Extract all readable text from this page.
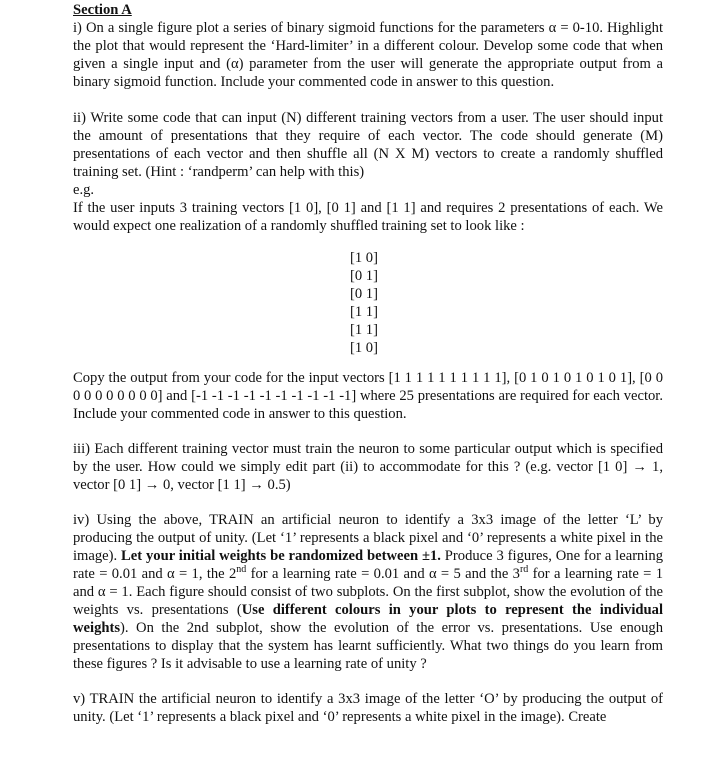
Section A

i) On a single figure plot a series of binary sigmoid functions for the parameters α = 0-10. Highlight the plot that would represent the ‘Hard-limiter’ in a different colour. Develop some code that when given a single input and (α) parameter from the user will generate the appropriate output from a binary sigmoid function. Include your commented code in answer to this question.

ii) Write some code that can input (N) different training vectors from a user. The user should input the amount of presentations that they require of each vector. The code should generate (M) presentations of each vector and then shuffle all (N X M) vectors to create a randomly shuffled training set. (Hint : ‘randperm’ can help with this)

e.g.

If the user inputs 3 training vectors [1 0], [0 1] and [1 1] and requires 2 presentations of each. We would expect one realization of a randomly shuffled training set to look like :

[1 0]
[0 1]
[0 1]
[1 1]
[1 1]
[1 0]

Copy the output from your code for the input vectors [1 1 1 1 1 1 1 1 1 1], [0 1 0 1 0 1 0 1 0 1], [0 0 0 0 0 0 0 0 0 0] and [-1 -1 -1 -1 -1 -1 -1 -1 -1 -1] where 25 presentations are required for each vector. Include your commented code in answer to this question.

iii) Each different training vector must train the neuron to some particular output which is specified by the user. How could we simply edit part (ii) to accommodate for this ? (e.g. vector [1 0] → 1, vector [0 1] → 0, vector [1 1] → 0.5)

iv) Using the above, TRAIN an artificial neuron to identify a 3x3 image of the letter ‘L’ by producing the output of unity. (Let ‘1’ represents a black pixel and ‘0’ represents a white pixel in the image). Let your initial weights be randomized between ±1. Produce 3 figures, One for a learning rate = 0.01 and α = 1, the 2nd for a learning rate = 0.01 and α = 5 and the 3rd for a learning rate = 1 and α = 1. Each figure should consist of two subplots. On the first subplot, show the evolution of the weights vs. presentations (Use different colours in your plots to represent the individual weights). On the 2nd subplot, show the evolution of the error vs. presentations. Use enough presentations to display that the system has learnt sufficiently. What two things do you learn from these figures ? Is it advisable to use a learning rate of unity ?

v) TRAIN the artificial neuron to identify a 3x3 image of the letter ‘O’ by producing the output of unity. (Let ‘1’ represents a black pixel and ‘0’ represents a white pixel in the image). Create
